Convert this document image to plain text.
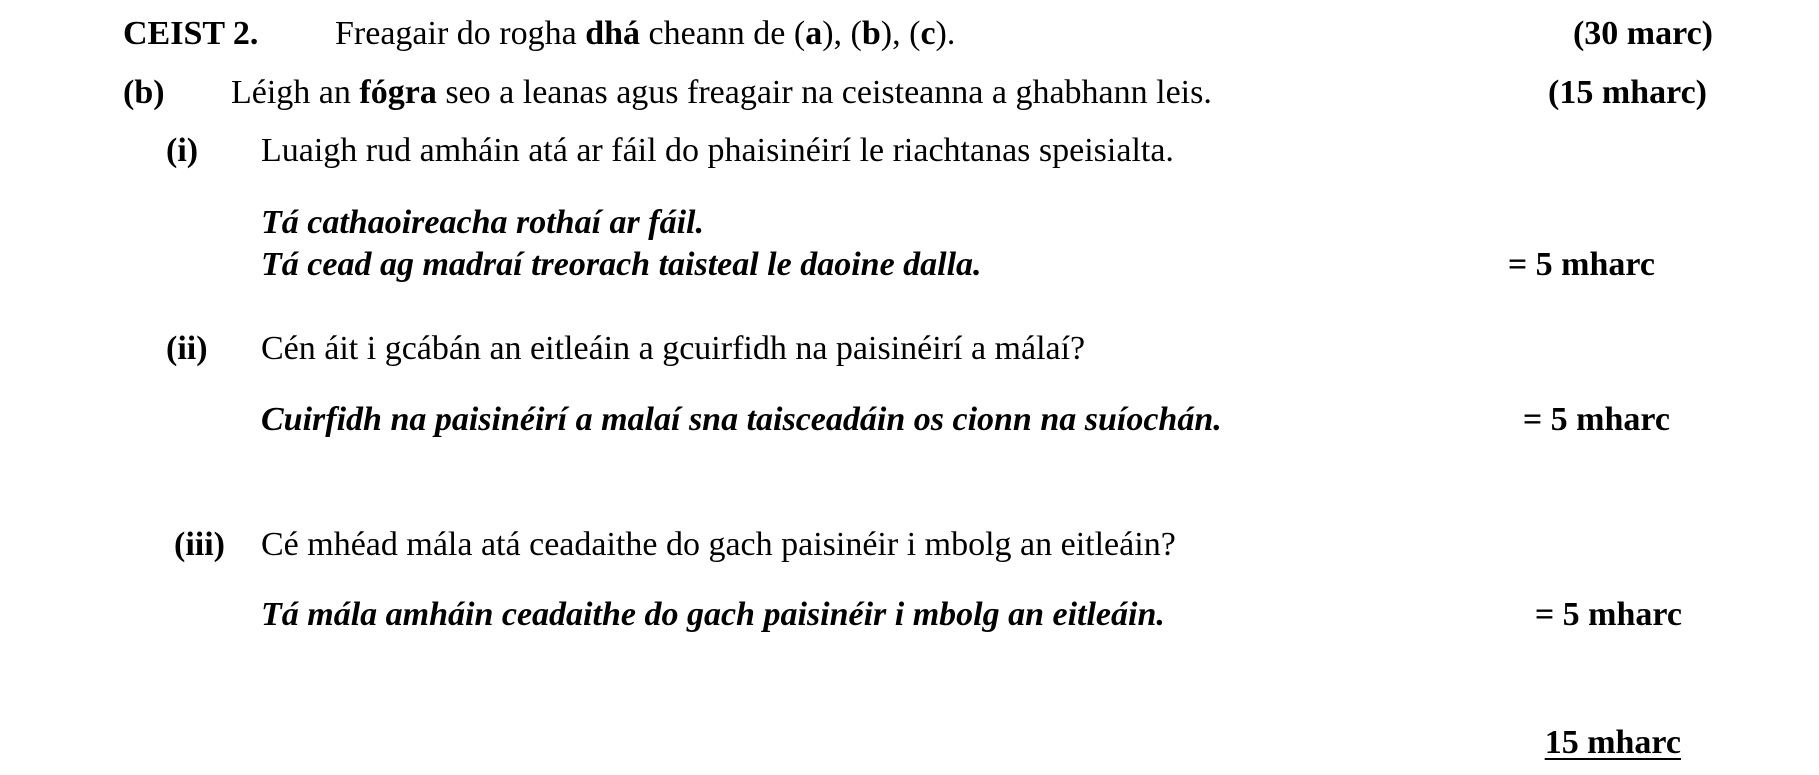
CEIST 2. Freagair do rogha dhá cheann de (a), (b), (c).	(30 marc)
(b) Léigh an fógra seo a leanas agus freagair na ceisteanna a ghabhann leis.	(15 mharc)
(i) Luaigh rud amháin atá ar fáil do phaisinéirí le riachtanas speisialta.
Tá cathaoireacha rothaí ar fáil.
Tá cead ag madraí treorach taisteal le daoine dalla.	= 5 mharc
(ii) Cén áit i gcábán an eitleáin a gcuirfidh na paisinéirí a málaí?
Cuirfidh na paisinéirí a malaí sna taisceadáin os cionn na suíochán.	= 5 mharc
(iii) Cé mhéad mála atá ceadaithe do gach paisinéir i mbolg an eitleáin?
Tá mála amháin ceadaithe do gach paisinéir i mbolg an eitleáin.	= 5 mharc
15 mharc
